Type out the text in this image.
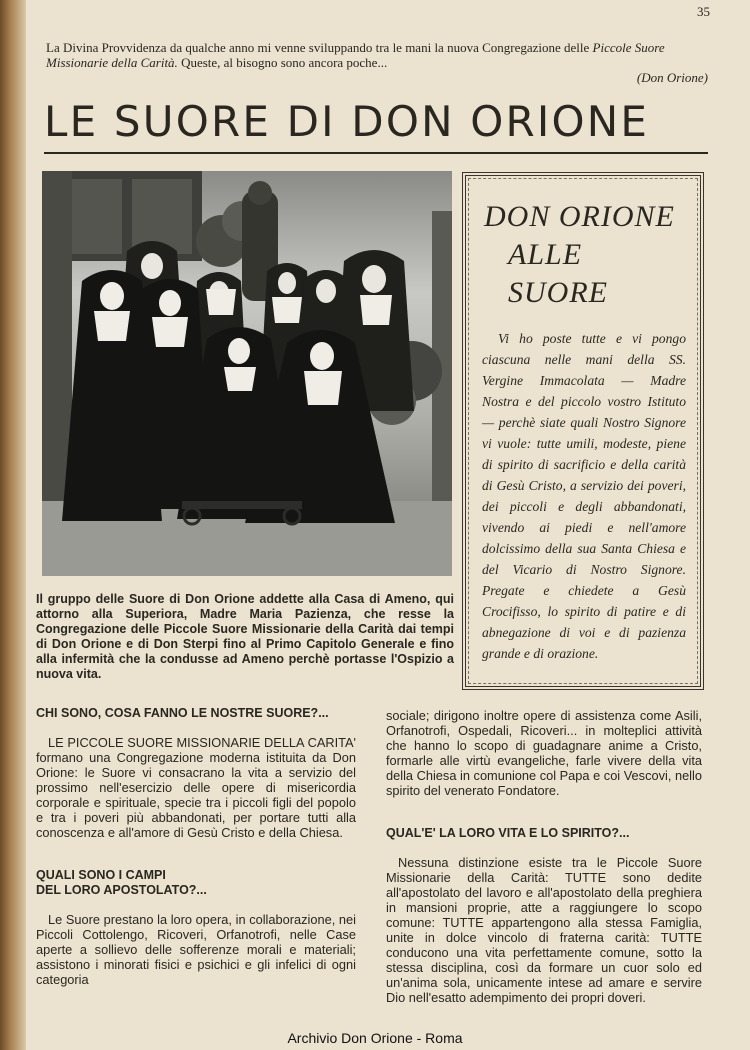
35
La Divina Provvidenza da qualche anno mi venne sviluppando tra le mani la nuova Congregazione delle Piccole Suore Missionarie della Carità. Queste, al bisogno sono ancora poche...
(Don Orione)
LE SUORE DI DON ORIONE
Il gruppo delle Suore di Don Orione addette alla Casa di Ameno, qui attorno alla Superiora, Madre Maria Pazienza, che resse la Congregazione delle Piccole Suore Missionarie della Carità dai tempi di Don Orione e di Don Sterpi fino al Primo Capitolo Generale e fino alla infermità che la condusse ad Ameno perchè portasse l'Ospizio a nuova vita.
DON ORIONE
ALLE SUORE
Vi ho poste tutte e vi pongo ciascuna nelle mani della SS. Vergine Immacolata — Madre Nostra e del piccolo vostro Istituto — perchè siate quali Nostro Signore vi vuole: tutte umili, modeste, piene di spirito di sacrificio e della carità di Gesù Cristo, a servizio dei poveri, dei piccoli e degli abbandonati, vivendo ai piedi e nell'amore dolcissimo della sua Santa Chiesa e del Vicario di Nostro Signore. Pregate e chiedete a Gesù Crocifisso, lo spirito di patire e di abnegazione di voi e di pazienza grande e di orazione.
CHI SONO, COSA FANNO LE NOSTRE SUORE?...
LE PICCOLE SUORE MISSIONARIE DELLA CARITA' formano una Congregazione moderna istituita da Don Orione: le Suore vi consacrano la vita a servizio del prossimo nell'esercizio delle opere di misericordia corporale e spirituale, specie tra i piccoli figli del popolo e tra i poveri più abbandonati, per portare tutti alla conoscenza e all'amore di Gesù Cristo e della Chiesa.
QUALI SONO I CAMPI
DEL LORO APOSTOLATO?...
Le Suore prestano la loro opera, in collaborazione, nei Piccoli Cottolengo, Ricoveri, Orfanotrofi, nelle Case aperte a sollievo delle sofferenze morali e materiali; assistono i minorati fisici e psichici e gli infelici di ogni categoria
sociale; dirigono inoltre opere di assistenza come Asili, Orfanotrofi, Ospedali, Ricoveri... in molteplici attività che hanno lo scopo di guadagnare anime a Cristo, formarle alle virtù evangeliche, farle vivere della vita della Chiesa in comunione col Papa e coi Vescovi, nello spirito del venerato Fondatore.
QUAL'E' LA LORO VITA E LO SPIRITO?...
Nessuna distinzione esiste tra le Piccole Suore Missionarie della Carità: TUTTE sono dedite all'apostolato del lavoro e all'apostolato della preghiera in mansioni proprie, atte a raggiungere lo scopo comune: TUTTE appartengono alla stessa Famiglia, unite in dolce vincolo di fraterna carità: TUTTE conducono una vita perfettamente comune, sotto la stessa disciplina, così da formare un cuor solo ed un'anima sola, unicamente intese ad amare e servire Dio nell'esatto adempimento dei propri doveri.
Archivio Don Orione - Roma
